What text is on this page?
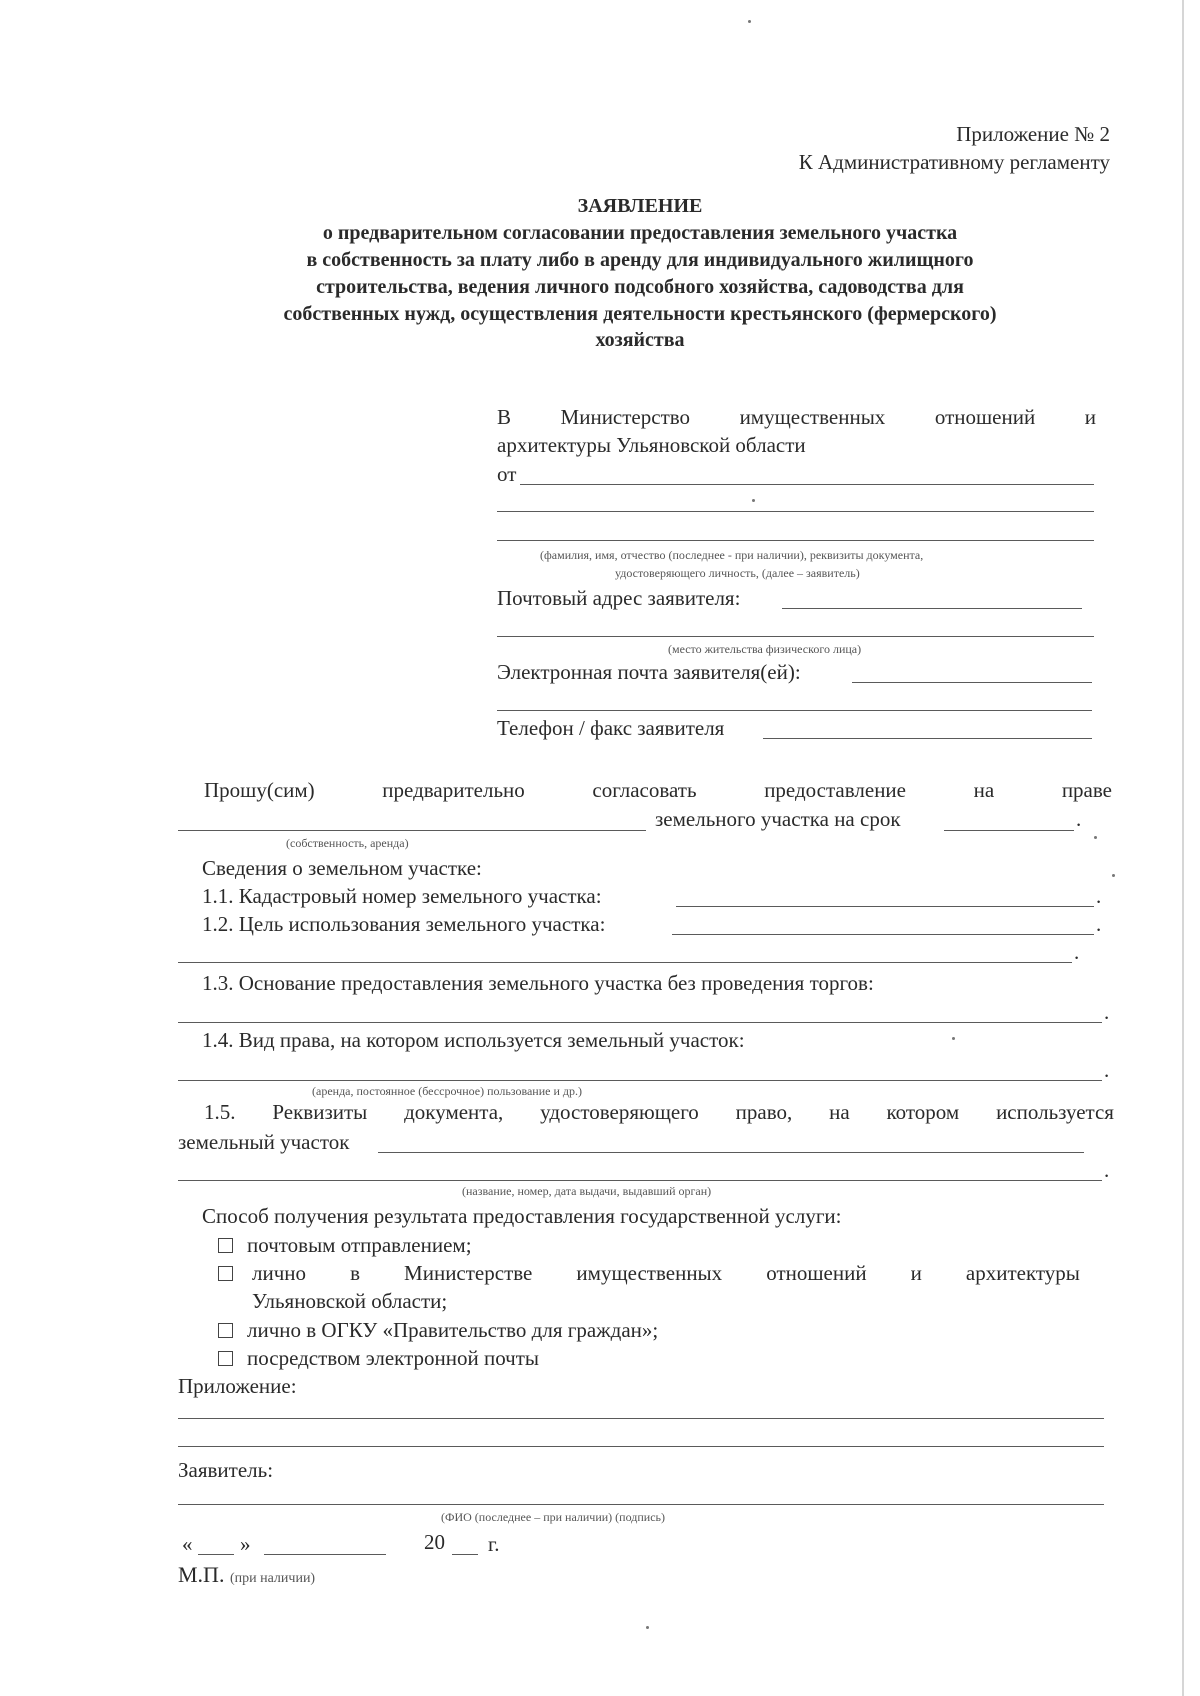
Приложение № 2
К Административному регламенту
ЗАЯВЛЕНИЕ
о предварительном согласовании предоставления земельного участка
в собственность за плату либо в аренду для индивидуального жилищного
строительства, ведения личного подсобного хозяйства, садоводства для
собственных нужд, осуществления деятельности крестьянского (фермерского)
хозяйства
В Министерство имущественных отношений и
архитектуры Ульяновской области
от
(фамилия, имя, отчество (последнее - при наличии), реквизиты документа,
удостоверяющего личность, (далее – заявитель)
Почтовый адрес заявителя:
(место жительства физического лица)
Электронная почта заявителя(ей):
Телефон / факс заявителя
Прошу(сим)	предварительно	согласовать	предоставление	на	праве
земельного участка на срок	.
(собственность, аренда)
Сведения о земельном участке:
1.1. Кадастровый номер земельного участка:	.
1.2. Цель использования земельного участка:	.
.
1.3. Основание предоставления земельного участка без проведения торгов:
.
1.4. Вид права, на котором используется земельный участок:
.
(аренда, постоянное (бессрочное) пользование и др.)
1.5. Реквизиты документа, удостоверяющего право, на котором используется
земельный участок
.
(название, номер, дата выдачи, выдавший орган)
Способ получения результата предоставления государственной услуги:
почтовым отправлением;
лично в Министерстве имущественных отношений и архитектуры
Ульяновской области;
лично в ОГКУ «Правительство для граждан»;
посредством электронной почты
Приложение:
Заявитель:
(ФИО (последнее – при наличии) (подпись)
« »	20 г.
М.П. (при наличии)
